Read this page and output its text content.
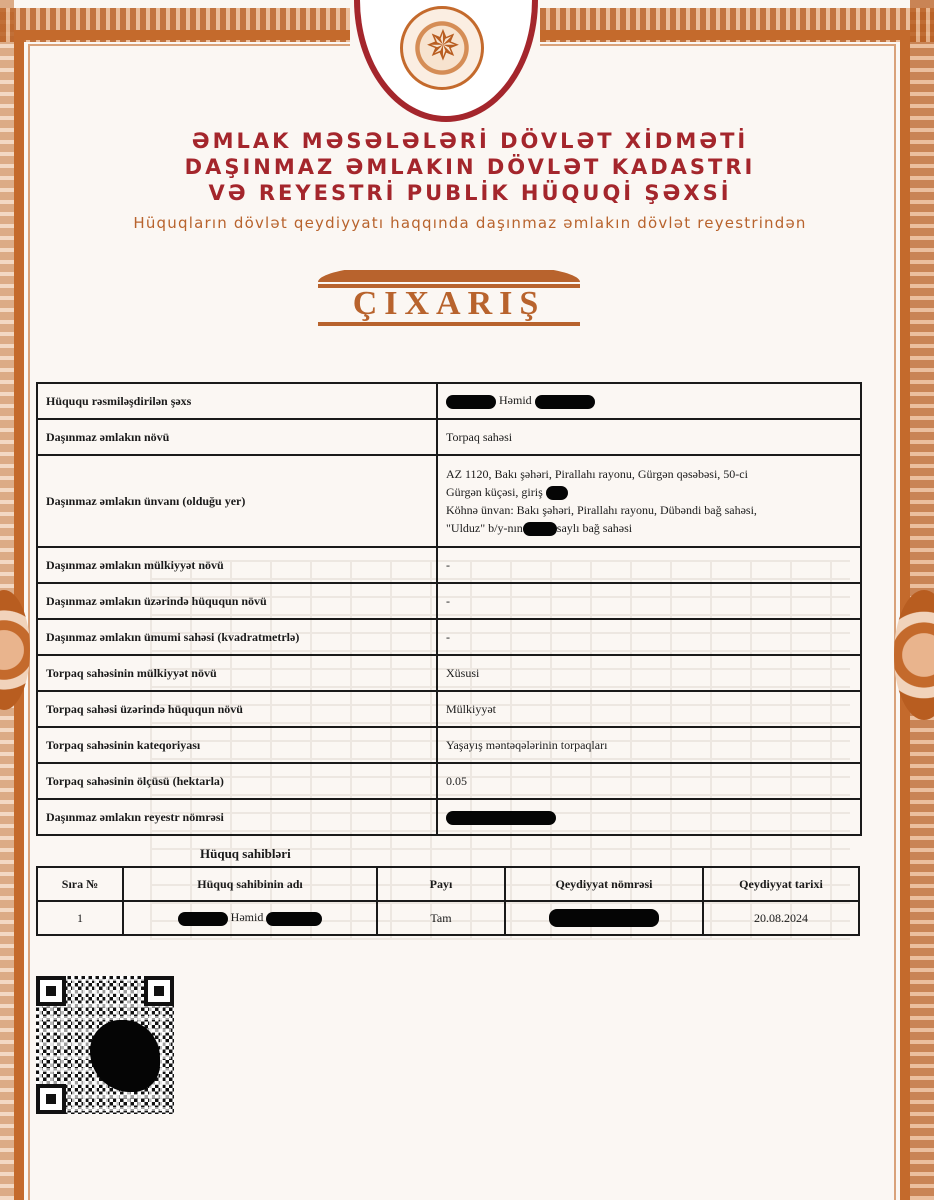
✵
ƏMLAK MƏSƏLƏLƏRİ DÖVLƏT XİDMƏTİ
DAŞINMAZ ƏMLAKIN DÖVLƏT KADASTRI
VƏ REYESTRİ PUBLİK HÜQUQİ ŞƏXSİ
Hüquqların dövlət qeydiyyatı haqqında daşınmaz əmlakın dövlət reyestrindən
ÇIXARIŞ
Hüququ rəsmiləşdirilən şəxs	Həmid
Daşınmaz əmlakın növü	Torpaq sahəsi
Daşınmaz əmlakın ünvanı (olduğu yer)	AZ 1120, Bakı şəhəri, Pirallahı rayonu, Gürgən qəsəbəsi, 50-ci
Gürgən küçəsi, giriş
Köhnə ünvan: Bakı şəhəri, Pirallahı rayonu, Dübəndi bağ sahəsi,
"Ulduz" b/y-nın saylı bağ sahəsi

Daşınmaz əmlakın mülkiyyət növü	-
Daşınmaz əmlakın üzərində hüququn növü	-
Daşınmaz əmlakın ümumi sahəsi (kvadratmetrlə)	-
Torpaq sahəsinin mülkiyyət növü	Xüsusi
Torpaq sahəsi üzərində hüququn növü	Mülkiyyət
Torpaq sahəsinin kateqoriyası	Yaşayış məntəqələrinin torpaqları
Torpaq sahəsinin ölçüsü (hektarla)	0.05
Daşınmaz əmlakın reyestr nömrəsi	
Hüquq sahibləri
Sıra №	Hüquq sahibinin adı	Payı	Qeydiyyat nömrəsi	Qeydiyyat tarixi
1	Həmid	Tam		20.08.2024
